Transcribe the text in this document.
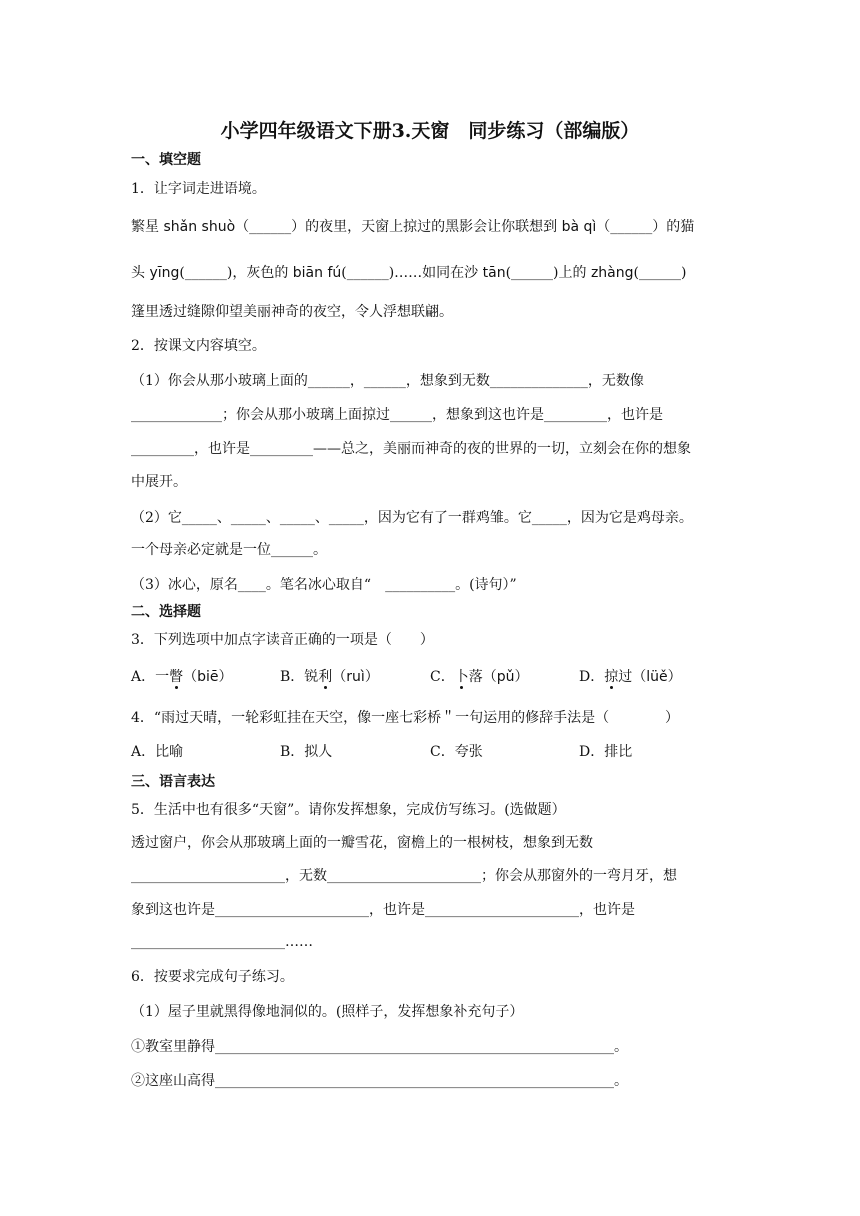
小学四年级语文下册3.天窗　同步练习（部编版）
一、填空题
1．让字词走进语境。
繁星 shǎn shuò（______）的夜里，天窗上掠过的黑影会让你联想到 bà qì（______）的猫
头 yīng(______)，灰色的 biān fú(______)……如同在沙 tān(______)上的 zhàng(______)
篷里透过缝隙仰望美丽神奇的夜空，令人浮想联翩。
2．按课文内容填空。
（1）你会从那小玻璃上面的______，______，想象到无数______________，无数像
_____________；你会从那小玻璃上面掠过______，想象到这也许是_________，也许是
_________，也许是_________——总之，美丽而神奇的夜的世界的一切，立刻会在你的想象
中展开。
（2）它_____、_____、_____、_____，因为它有了一群鸡雏。它_____，因为它是鸡母亲。
一个母亲必定就是一位______。
（3）冰心，原名____。笔名冰心取自“　__________。(诗句）”
二、选择题
3．下列选项中加点字读音正确的一项是（　　）
A．一瞥（biē）	B．锐利（ruì）	C．卜落（pǔ）	D．掠过（lüě）
4．“雨过天晴，一轮彩虹挂在天空，像一座七彩桥＂一句运用的修辞手法是（　　　　）
A．比喻	B．拟人	C．夸张	D．排比
三、语言表达
5．生活中也有很多“天窗”。请你发挥想象，完成仿写练习。(选做题）
透过窗户，你会从那玻璃上面的一瓣雪花，窗檐上的一根树枝，想象到无数
______________________，无数______________________；你会从那窗外的一弯月牙，想
象到这也许是______________________，也许是______________________，也许是
______________________……
6．按要求完成句子练习。
（1）屋子里就黑得像地洞似的。(照样子，发挥想象补充句子）
①教室里静得_________________________________________________________。
②这座山高得_________________________________________________________。
